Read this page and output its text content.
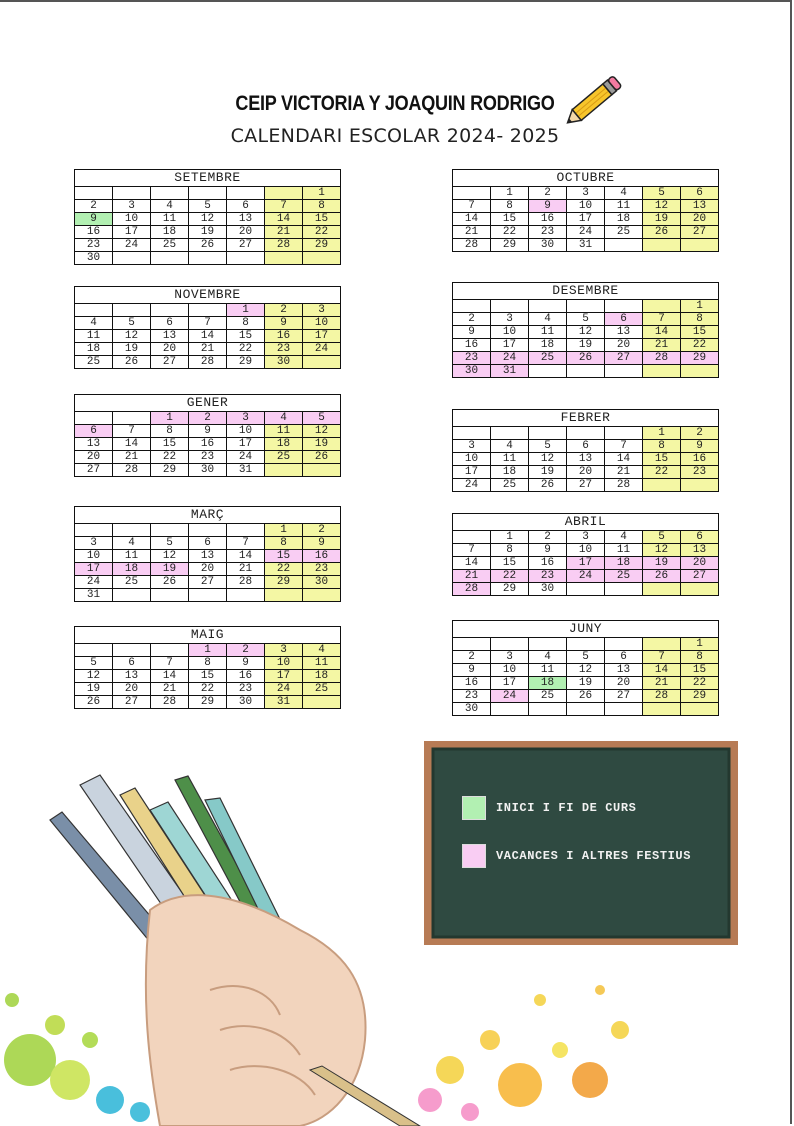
CEIP VICTORIA Y JOAQUIN RODRIGO
CALENDARI ESCOLAR 2024- 2025
SETEMBRE						
						1
2	3	4	5	6	7	8
9	10	11	12	13	14	15
16	17	18	19	20	21	22
23	24	25	26	27	28	29
30						
OCTUBRE						
	1	2	3	4	5	6
7	8	9	10	11	12	13
14	15	16	17	18	19	20
21	22	23	24	25	26	27
28	29	30	31			
NOVEMBRE						
				1	2	3
4	5	6	7	8	9	10
11	12	13	14	15	16	17
18	19	20	21	22	23	24
25	26	27	28	29	30	
DESEMBRE						
						1
2	3	4	5	6	7	8
9	10	11	12	13	14	15
16	17	18	19	20	21	22
23	24	25	26	27	28	29
30	31					
GENER						
		1	2	3	4	5
6	7	8	9	10	11	12
13	14	15	16	17	18	19
20	21	22	23	24	25	26
27	28	29	30	31		
FEBRER						
					1	2
3	4	5	6	7	8	9
10	11	12	13	14	15	16
17	18	19	20	21	22	23
24	25	26	27	28		
MARÇ						
					1	2
3	4	5	6	7	8	9
10	11	12	13	14	15	16
17	18	19	20	21	22	23
24	25	26	27	28	29	30
31						
ABRIL						
	1	2	3	4	5	6
7	8	9	10	11	12	13
14	15	16	17	18	19	20
21	22	23	24	25	26	27
28	29	30				
MAIG						
			1	2	3	4
5	6	7	8	9	10	11
12	13	14	15	16	17	18
19	20	21	22	23	24	25
26	27	28	29	30	31	
JUNY						
						1
2	3	4	5	6	7	8
9	10	11	12	13	14	15
16	17	18	19	20	21	22
23	24	25	26	27	28	29
30						
INICI I FI DE CURS
VACANCES I ALTRES FESTIUS
